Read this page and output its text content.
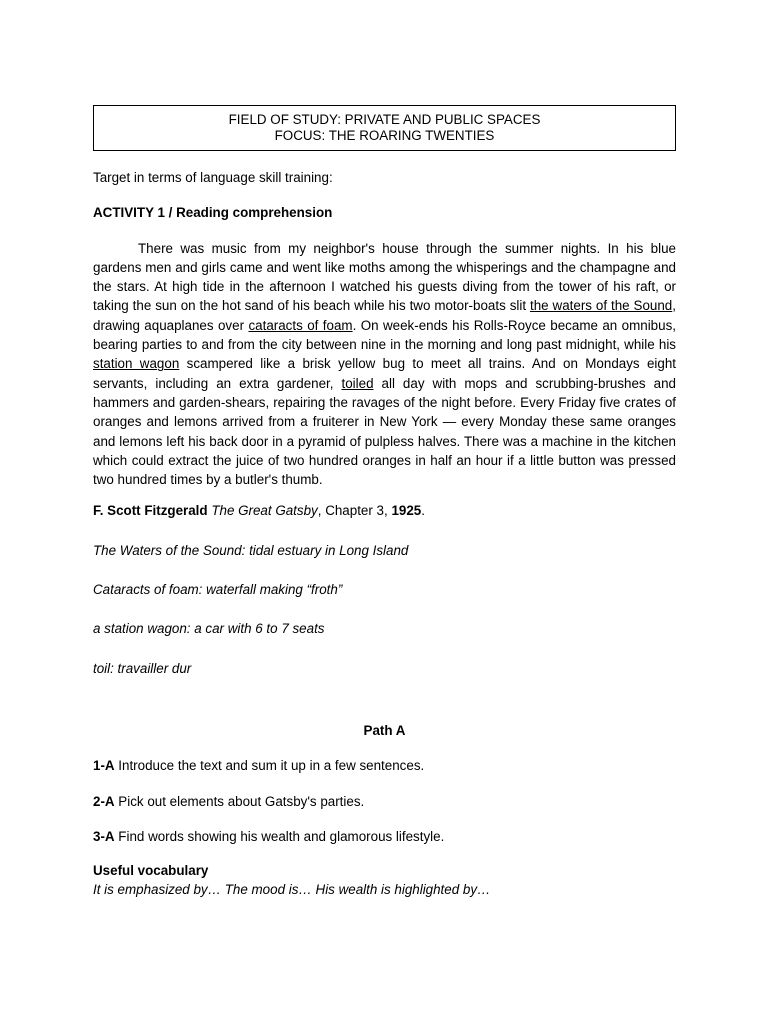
FIELD OF STUDY: PRIVATE AND PUBLIC SPACES
FOCUS: THE ROARING TWENTIES

Target in terms of language skill training:

ACTIVITY 1 / Reading comprehension

There was music from my neighbor's house through the summer nights. In his blue gardens men and girls came and went like moths among the whisperings and the champagne and the stars. At high tide in the afternoon I watched his guests diving from the tower of his raft, or taking the sun on the hot sand of his beach while his two motor-boats slit the waters of the Sound, drawing aquaplanes over cataracts of foam. On week-ends his Rolls-Royce became an omnibus, bearing parties to and from the city between nine in the morning and long past midnight, while his station wagon scampered like a brisk yellow bug to meet all trains. And on Mondays eight servants, including an extra gardener, toiled all day with mops and scrubbing-brushes and hammers and garden-shears, repairing the ravages of the night before. Every Friday five crates of oranges and lemons arrived from a fruiterer in New York — every Monday these same oranges and lemons left his back door in a pyramid of pulpless halves. There was a machine in the kitchen which could extract the juice of two hundred oranges in half an hour if a little button was pressed two hundred times by a butler's thumb.

F. Scott Fitzgerald The Great Gatsby, Chapter 3, 1925.

The Waters of the Sound: tidal estuary in Long Island

Cataracts of foam: waterfall making “froth”

a station wagon: a car with 6 to 7 seats

toil: travailler dur

Path A

1-A Introduce the text and sum it up in a few sentences.

2-A Pick out elements about Gatsby's parties.

3-A Find words showing his wealth and glamorous lifestyle.

Useful vocabulary

It is emphasized by… The mood is… His wealth is highlighted by…
